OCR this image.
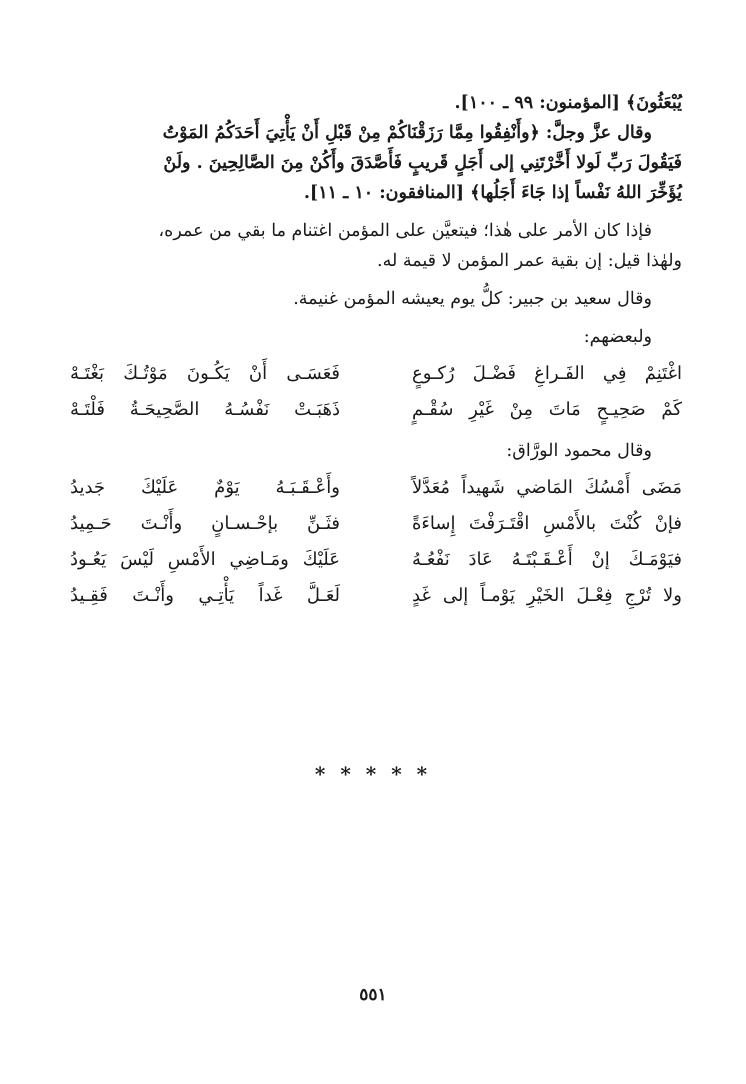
يُبْعَثُونَ﴾ [المؤمنون: ٩٩ ـ ١٠٠].
وقال عزَّ وجلَّ: ﴿وأَنْفِقُوا مِمَّا رَزَقْنَاكُمْ مِنْ قَبْلِ أَنْ يَأْتِيَ أَحَدَكُمُ المَوْتُ
فَيَقُولَ رَبِّ لَولا أَخَّرْتَنِي إلى أَجَلٍ قَريبٍ فَأَصَّدَقَ وأَكُنْ مِنَ الصَّالِحِينَ . ولَنْ
يُؤَخِّرَ اللهُ نَفْساً إذا جَاءَ أَجَلُها﴾ [المنافقون: ١٠ ـ ١١].
فإذا كان الأمر على هٰذا؛ فيتعيَّن على المؤمن اغتنام ما بقي من عمره،
ولهٰذا قيل: إن بقية عمر المؤمن لا قيمة له.
وقال سعيد بن جبير: كلُّ يوم يعيشه المؤمن غنيمة.
ولبعضهم:
اغْتَنِمْ فِي الفَـراغِ فَضْـلَ رُكـوعٍ
فَعَسَـى أَنْ يَكُـونَ مَوْتُـكَ بَغْتَـهْ
كَمْ صَحِيـحٍ مَاتَ مِنْ غَيْرِ سُقْـمٍ
ذَهَبَـتْ نَفْسُـهُ الصَّحِيحَـةُ فَلْتَـهْ
وقال محمود الورَّاق:
مَضَى أَمْسُكَ المَاضي شَهيداً مُعَدَّلاً
وأَعْـقَـبَـهُ يَوْمٌ عَلَيْكَ جَديدُ
فإنْ كُنْتَ بالأَمْسِ اقْتَـرَفْتَ إِساءَةً
فثَـنِّ بإحْـسـانٍ وأَنْـتَ حَـمِيدُ
فيَوْمَـكَ إنْ أَعْـقَـبْتَـهُ عَادَ نَفْعُـهُ
عَلَيْكَ ومَـاضِي الأَمْسِ لَيْسَ يَعُـودُ
ولا تُرْجِ فِعْـلَ الخَيْرِ يَوْمـاً إلى غَدٍ
لَعَـلَّ غَداً يَأْتِـي وأَنْـتَ فَقِـيدُ
* * * * *
٥٥١
